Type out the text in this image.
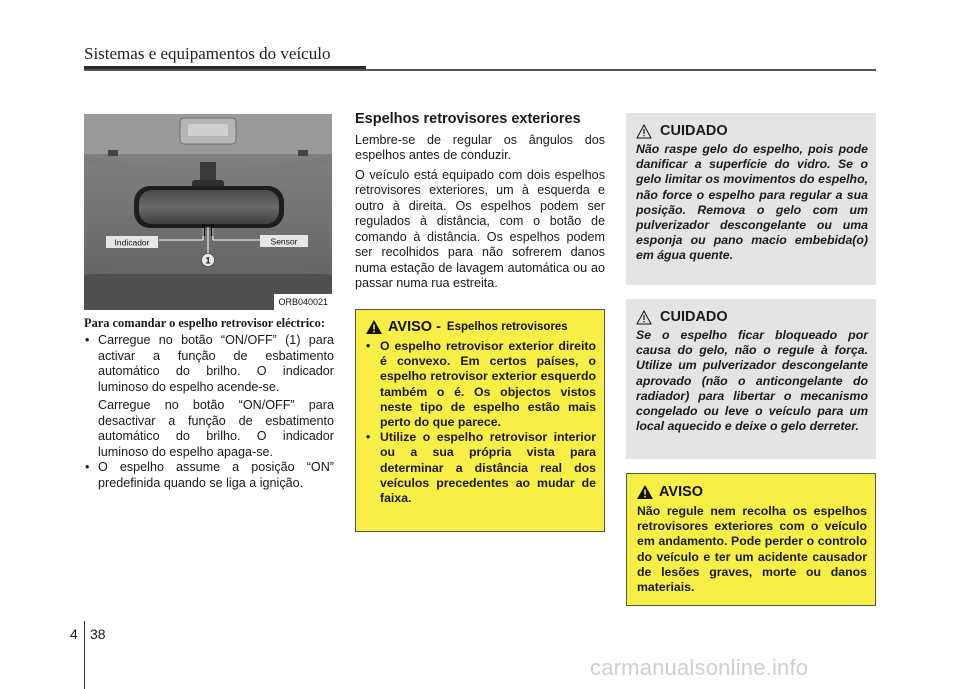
Sistemas e equipamentos do veículo
Indicador	Sensor
1
ORB040021
Para comandar o espelho retrovisor eléctrico:
• Carregue no botão “ON/OFF” (1) para activar a função de esbatimento automático do brilho. O indicador luminoso do espelho acende-se.
Carregue no botão “ON/OFF” para desactivar a função de esbatimento automático do brilho. O indicador luminoso do espelho apaga-se.
• O espelho assume a posição “ON” predefinida quando se liga a ignição.
Espelhos retrovisores exteriores

Lembre-se de regular os ângulos dos espelhos antes de conduzir.

O veículo está equipado com dois espelhos retrovisores exteriores, um à esquerda e outro à direita. Os espelhos podem ser regulados à distância, com o botão de comando à distância. Os espelhos podem ser recolhidos para não sofrerem danos numa estação de lavagem automática ou ao passar numa rua estreita.

AVISO - Espelhos retrovisores
• O espelho retrovisor exterior direito é convexo. Em certos países, o espelho retrovisor exterior esquerdo também o é. Os objectos vistos neste tipo de espelho estão mais perto do que parece.
• Utilize o espelho retrovisor interior ou a sua própria vista para determinar a distância real dos veículos precedentes ao mudar de faixa.
CUIDADO
Não raspe gelo do espelho, pois pode danificar a superfície do vidro. Se o gelo limitar os movimentos do espelho, não force o espelho para regular a sua posição. Remova o gelo com um pulverizador descongelante ou uma esponja ou pano macio embebida(o) em água quente.
CUIDADO
Se o espelho ficar bloqueado por causa do gelo, não o regule à força. Utilize um pulverizador descongelante aprovado (não o anticongelante do radiador) para libertar o mecanismo congelado ou leve o veículo para um local aquecido e deixe o gelo derreter.
AVISO
Não regule nem recolha os espelhos retrovisores exteriores com o veículo em andamento. Pode perder o controlo do veículo e ter um acidente causador de lesões graves, morte ou danos materiais.
4 38
carmanualsonline.info
